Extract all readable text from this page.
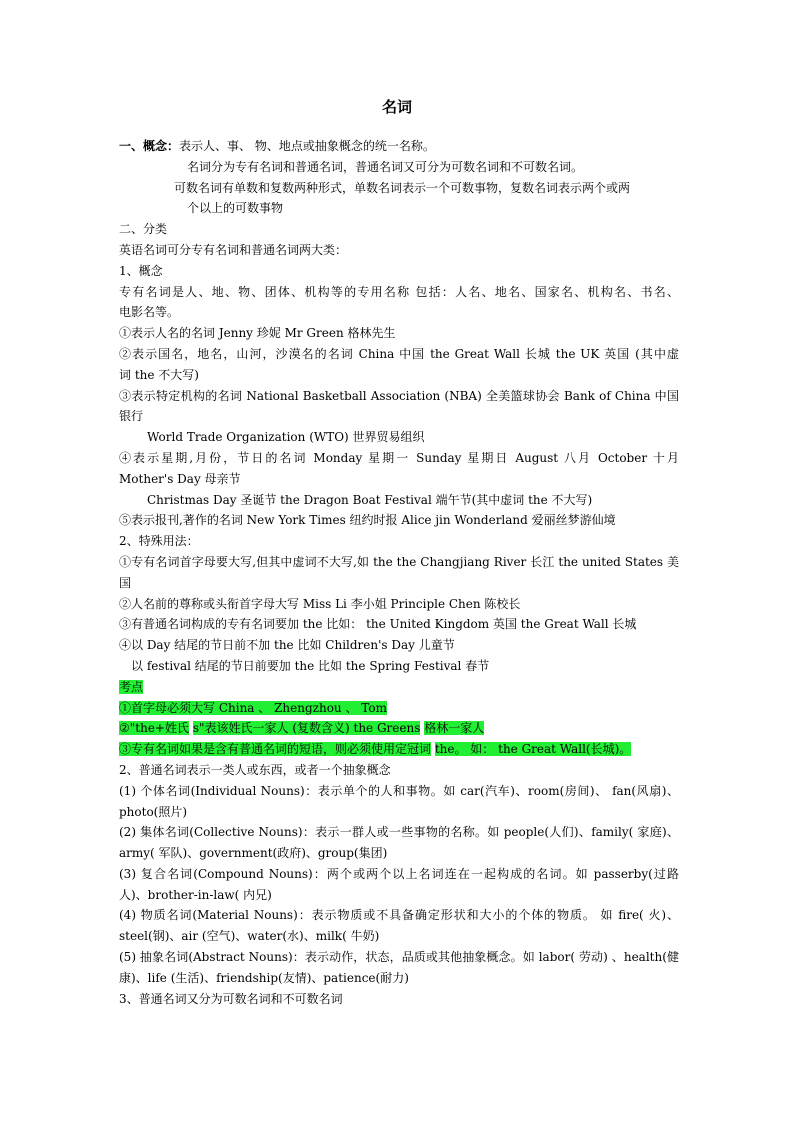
名词
一、概念：表示人、事、 物、地点或抽象概念的统一名称。
名词分为专有名词和普通名词，普通名词又可分为可数名词和不可数名词。
可数名词有单数和复数两种形式，单数名词表示一个可数事物，复数名词表示两个或两
个以上的可数事物
二、分类
英语名词可分专有名词和普通名词两大类：
1、概念
专有名词是人、地、物、团体、机构等的专用名称 包括：人名、地名、国家名、机构名、书名、
电影名等。
①表示人名的名词 Jenny 珍妮 Mr Green 格林先生
②表示国名，地名，山河，沙漠名的名词 China 中国 the Great Wall 长城 the UK 英国 (其中虚
词 the 不大写)
③表示特定机构的名词 National Basketball Association (NBA) 全美篮球协会 Bank of China 中国
银行
World Trade Organization (WTO) 世界贸易组织
④表示星期,月份，节日的名词 Monday 星期一 Sunday 星期日 August 八月 October 十月
Mother's Day 母亲节
Christmas Day 圣诞节 the Dragon Boat Festival 端午节(其中虚词 the 不大写)
⑤表示报刊,著作的名词 New York Times 纽约时报 Alice jin Wonderland 爱丽丝梦游仙境
2、特殊用法：
①专有名词首字母要大写,但其中虚词不大写,如 the the Changjiang River 长江 the united States 美
国
②人名前的尊称或头衔首字母大写 Miss Li 李小姐 Principle Chen 陈校长
③有普通名词构成的专有名词要加 the 比如： the United Kingdom 英国 the Great Wall 长城
④以 Day 结尾的节日前不加 the 比如 Children's Day 儿童节
以 festival 结尾的节日前要加 the 比如 the Spring Festival 春节
考点
①首字母必须大写 China 、 Zhengzhou 、 Tom
②"the+姓氏 s"表该姓氏一家人 (复数含义) the Greens 格林一家人
③专有名词如果是含有普通名词的短语，则必须使用定冠词 the。 如： the Great Wall(长城)。
2、普通名词表示一类人或东西，或者一个抽象概念
(1) 个体名词(Individual Nouns)：表示单个的人和事物。如 car(汽车)、room(房间)、 fan(风扇)、
photo(照片)
(2) 集体名词(Collective Nouns)：表示一群人或一些事物的名称。如 people(人们)、family( 家庭)、
army( 军队)、government(政府)、group(集团)
(3) 复合名词(Compound Nouns)：两个或两个以上名词连在一起构成的名词。如 passerby(过路
人)、brother-in-law( 内兄)
(4) 物质名词(Material Nouns)：表示物质或不具备确定形状和大小的个体的物质。 如 fire( 火)、
steel(钢)、air (空气)、water(水)、milk( 牛奶)
(5) 抽象名词(Abstract Nouns)：表示动作，状态，品质或其他抽象概念。如 labor( 劳动) 、health(健
康)、life (生活)、friendship(友情)、patience(耐力)
3、普通名词又分为可数名词和不可数名词
